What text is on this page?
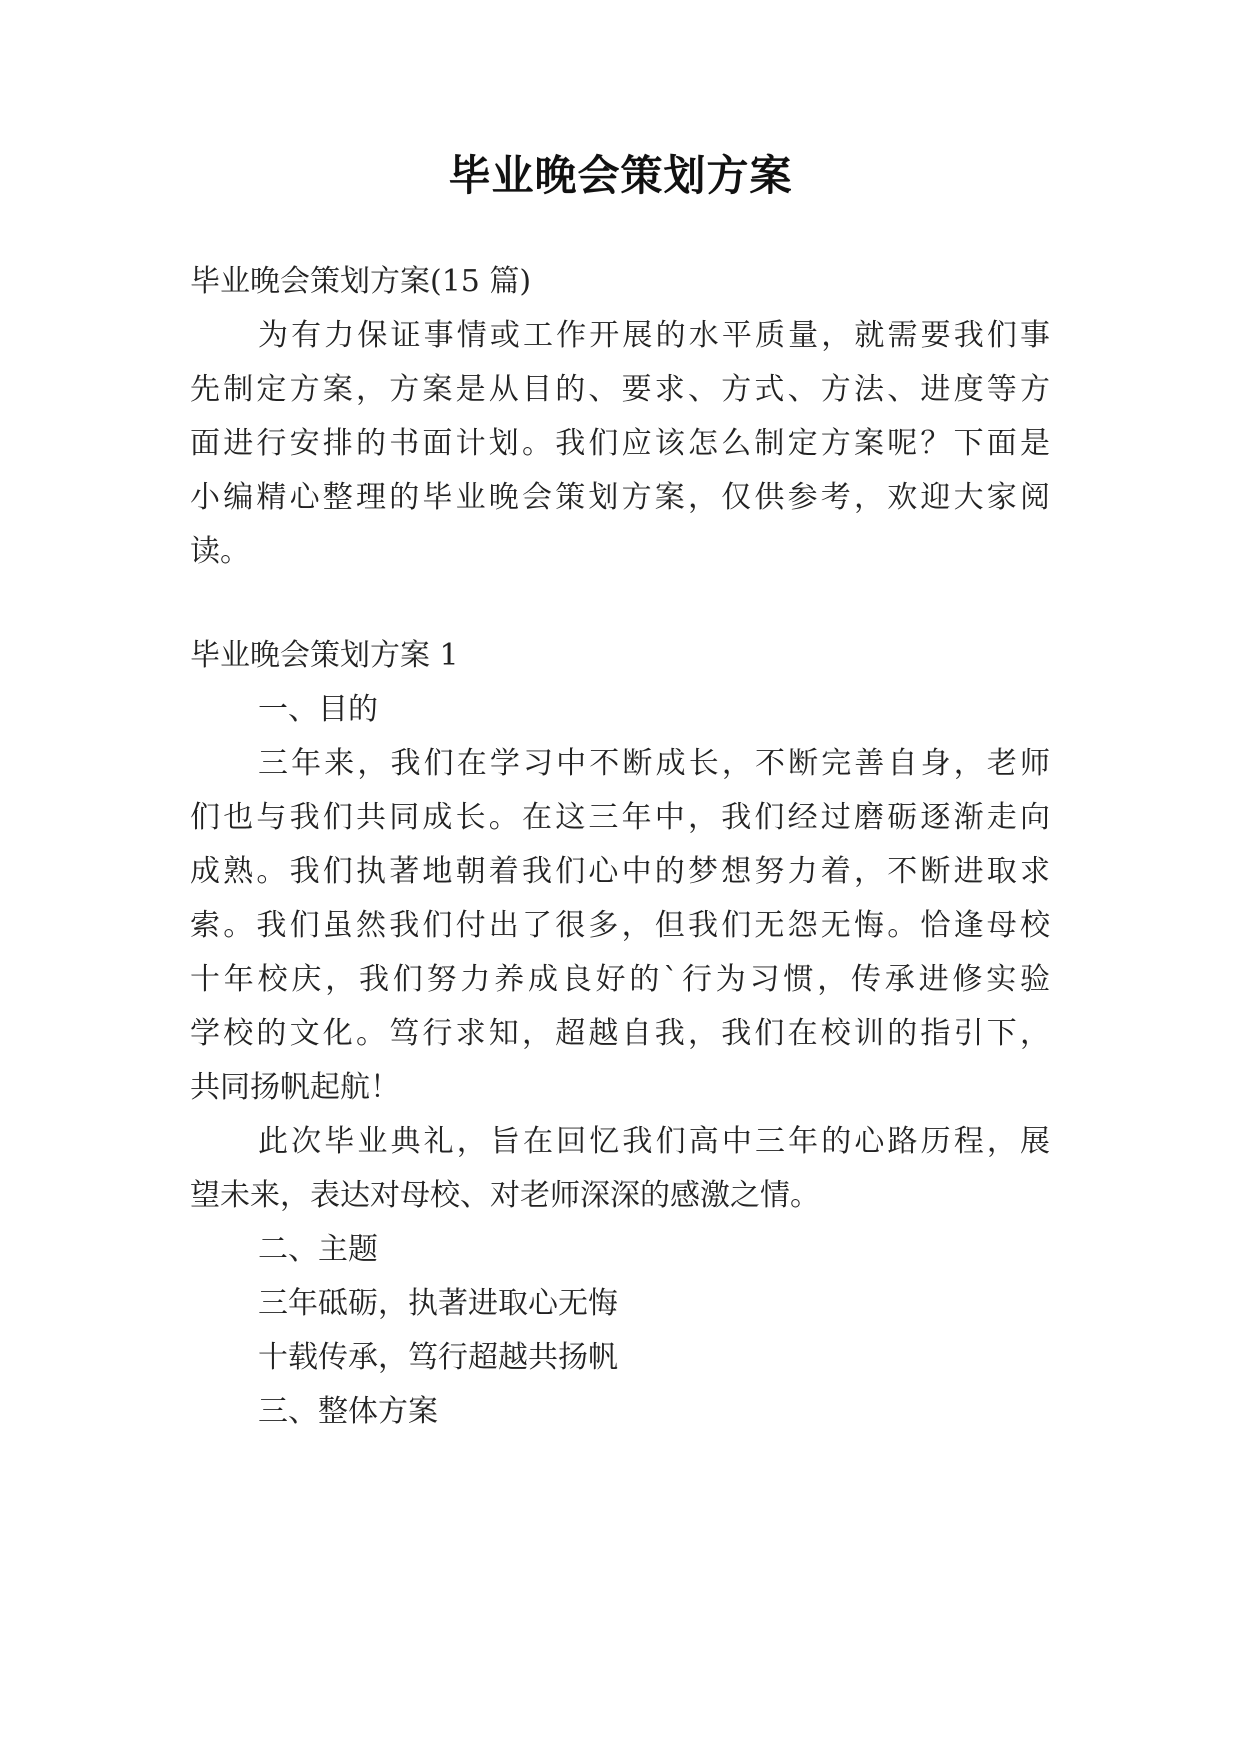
毕业晚会策划方案
毕业晚会策划方案(15 篇)
为有力保证事情或工作开展的水平质量，就需要我们事
先制定方案，方案是从目的、要求、方式、方法、进度等方
面进行安排的书面计划。我们应该怎么制定方案呢？下面是
小编精心整理的毕业晚会策划方案，仅供参考，欢迎大家阅
读。
毕业晚会策划方案 1
一、目的
三年来，我们在学习中不断成长，不断完善自身，老师
们也与我们共同成长。在这三年中，我们经过磨砺逐渐走向
成熟。我们执著地朝着我们心中的梦想努力着，不断进取求
索。我们虽然我们付出了很多，但我们无怨无悔。恰逢母校
十年校庆，我们努力养成良好的`行为习惯，传承进修实验
学校的文化。笃行求知，超越自我，我们在校训的指引下，
共同扬帆起航！
此次毕业典礼，旨在回忆我们高中三年的心路历程，展
望未来，表达对母校、对老师深深的感激之情。
二、主题
三年砥砺，执著进取心无悔
十载传承，笃行超越共扬帆
三、整体方案
